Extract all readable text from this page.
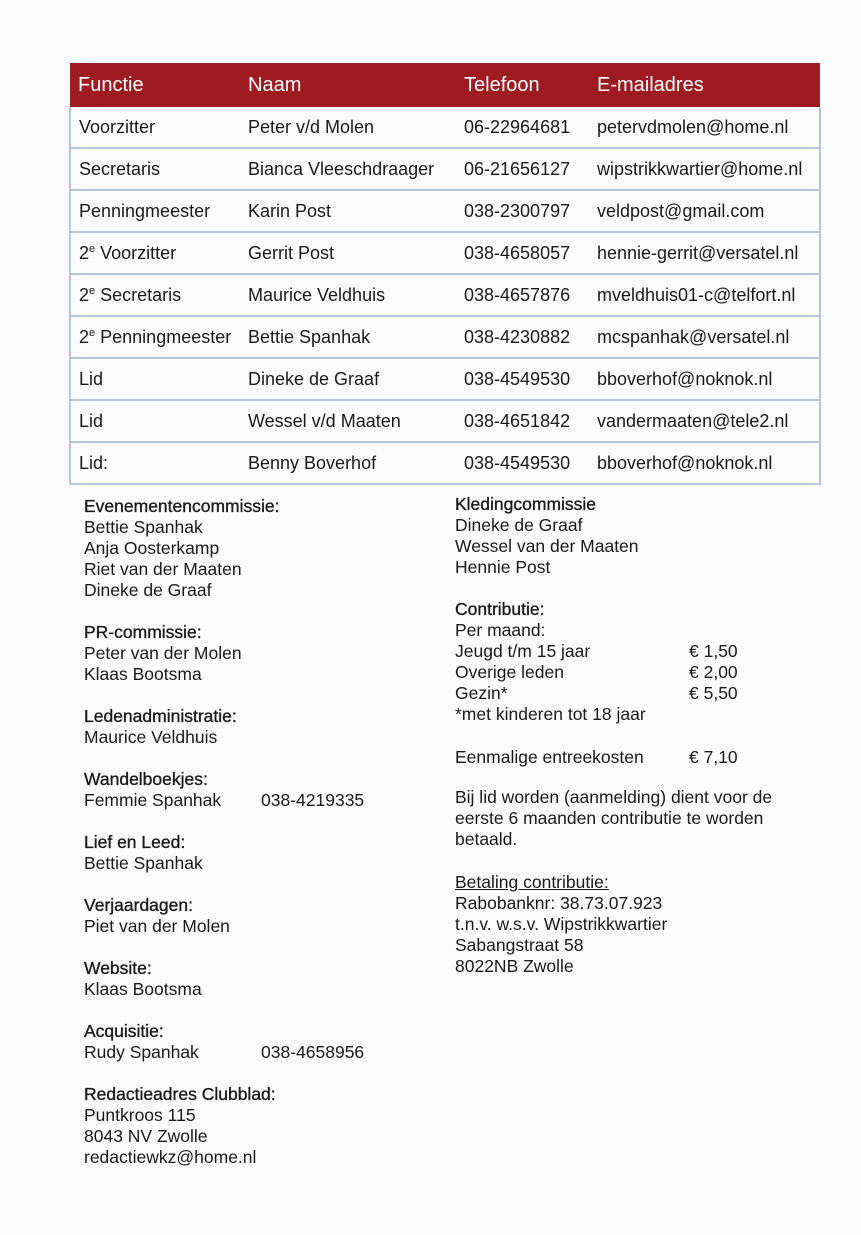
Functie	Naam	Telefoon	E-mailadres
Voorzitter	Peter v/d Molen	06-22964681	petervdmolen@home.nl
Secretaris	Bianca Vleeschdraager	06-21656127	wipstrikkwartier@home.nl
Penningmeester	Karin Post	038-2300797	veldpost@gmail.com
2e Voorzitter	Gerrit Post	038-4658057	hennie-gerrit@versatel.nl
2e Secretaris	Maurice Veldhuis	038-4657876	mveldhuis01-c@telfort.nl
2e Penningmeester	Bettie Spanhak	038-4230882	mcspanhak@versatel.nl
Lid	Dineke de Graaf	038-4549530	bboverhof@noknok.nl
Lid	Wessel v/d Maaten	038-4651842	vandermaaten@tele2.nl
Lid:	Benny Boverhof	038-4549530	bboverhof@noknok.nl
Evenementencommissie:
Bettie Spanhak
Anja Oosterkamp
Riet van der Maaten
Dineke de Graaf
PR-commissie:
Peter van der Molen
Klaas Bootsma
Ledenadministratie:
Maurice Veldhuis
Wandelboekjes:
Femmie Spanhak	038-4219335
Lief en Leed:
Bettie Spanhak
Verjaardagen:
Piet van der Molen
Website:
Klaas Bootsma
Acquisitie:
Rudy Spanhak	038-4658956
Redactieadres Clubblad:
Puntkroos 115
8043 NV Zwolle
redactiewkz@home.nl
Kledingcommissie
Dineke de Graaf
Wessel van der Maaten
Hennie Post
Contributie:
Per maand:
Jeugd t/m 15 jaar	€ 1,50
Overige leden	€ 2,00
Gezin*	€ 5,50
*met kinderen tot 18 jaar
Eenmalige entreekosten	€ 7,10
Bij lid worden (aanmelding) dient voor de
eerste 6 maanden contributie te worden
betaald.
Betaling contributie:
Rabobanknr: 38.73.07.923
t.n.v. w.s.v. Wipstrikkwartier
Sabangstraat 58
8022NB Zwolle
